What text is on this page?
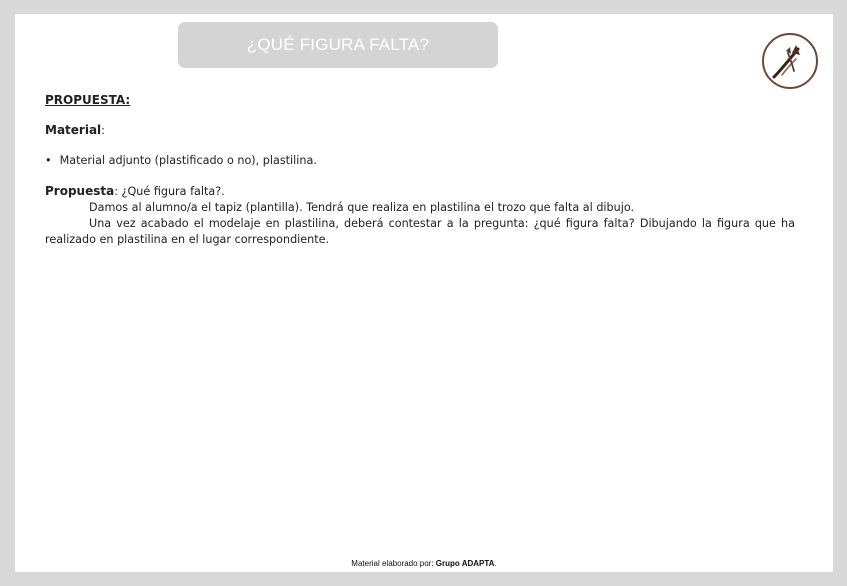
¿QUÉ FIGURA FALTA?

PROPUESTA:

Material:

• Material adjunto (plastificado o no), plastilina.

Propuesta: ¿Qué figura falta?.

Damos al alumno/a el tapiz (plantilla). Tendrá que realiza en plastilina el trozo que falta al dibujo.

Una vez acabado el modelaje en plastilina, deberá contestar a la pregunta: ¿qué figura falta? Dibujando la figura que ha realizado en plastilina en el lugar correspondiente.

Material elaborado por: Grupo ADAPTA.
